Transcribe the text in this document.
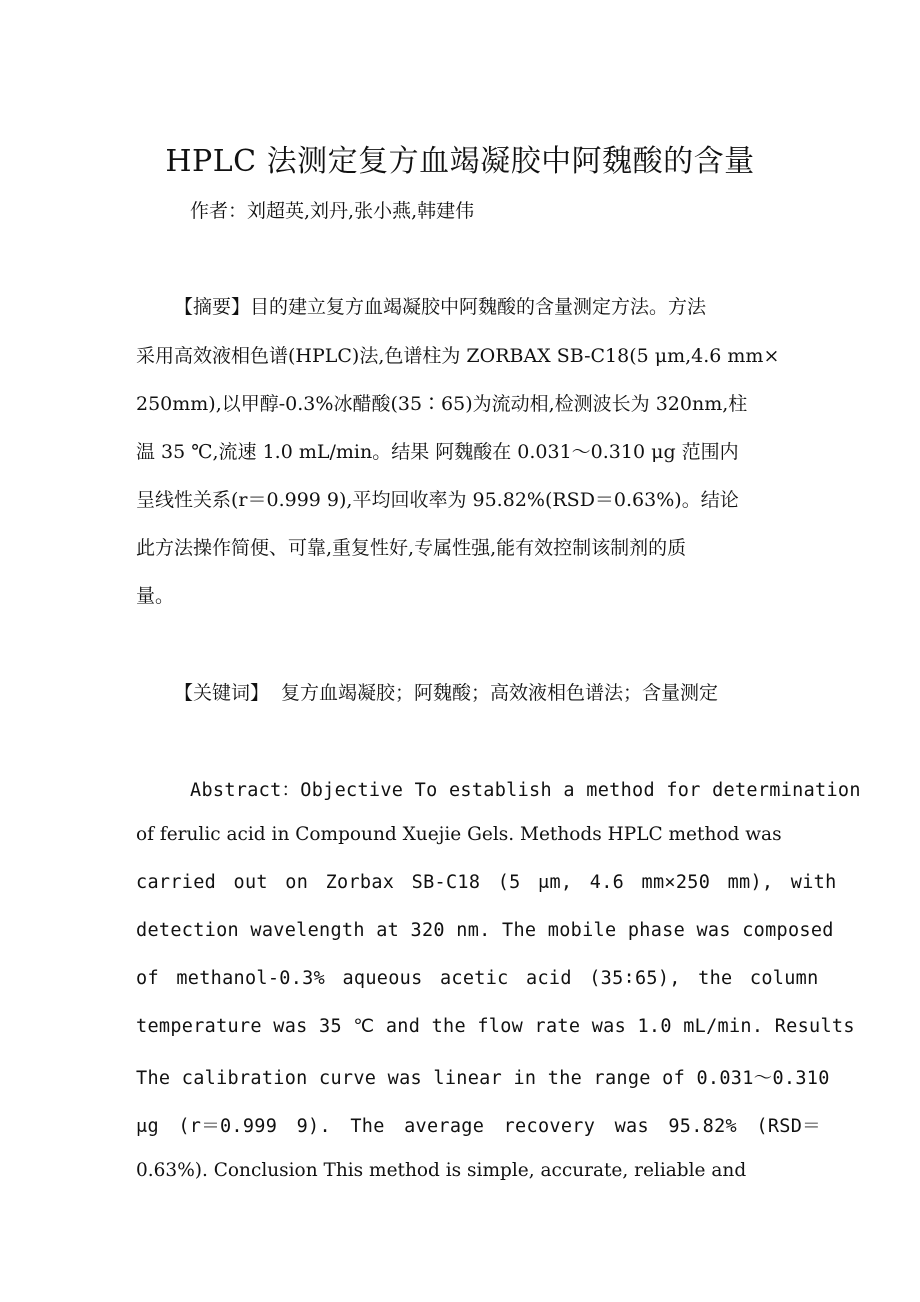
HPLC 法测定复方血竭凝胶中阿魏酸的含量
作者：刘超英,刘丹,张小燕,韩建伟
【摘要】目的建立复方血竭凝胶中阿魏酸的含量测定方法。方法
采用高效液相色谱(HPLC)法,色谱柱为 ZORBAX SB-C18(5 μm,4.6 mm×
250mm),以甲醇-0.3%冰醋酸(35∶65)为流动相,检测波长为 320nm,柱
温 35 ℃,流速 1.0 mL/min。结果 阿魏酸在 0.031～0.310 μg 范围内
呈线性关系(r＝0.999 9),平均回收率为 95.82%(RSD＝0.63%)。结论
此方法操作简便、可靠,重复性好,专属性强,能有效控制该制剂的质
量。
【关键词】 复方血竭凝胶；阿魏酸；高效液相色谱法；含量测定
Abstract：Objective To establish a method for determination
of ferulic acid in Compound Xuejie Gels. Methods HPLC method was
carried out on Zorbax SB-C18 (5 μm, 4.6 mm×250 mm), with
detection wavelength at 320 nm. The mobile phase was composed
of methanol-0.3% aqueous acetic acid (35∶65), the column
temperature was 35 ℃ and the flow rate was 1.0 mL/min. Results
The calibration curve was linear in the range of 0.031～0.310
μg (r＝0.999 9). The average recovery was 95.82% (RSD＝
0.63%). Conclusion This method is simple, accurate, reliable and
